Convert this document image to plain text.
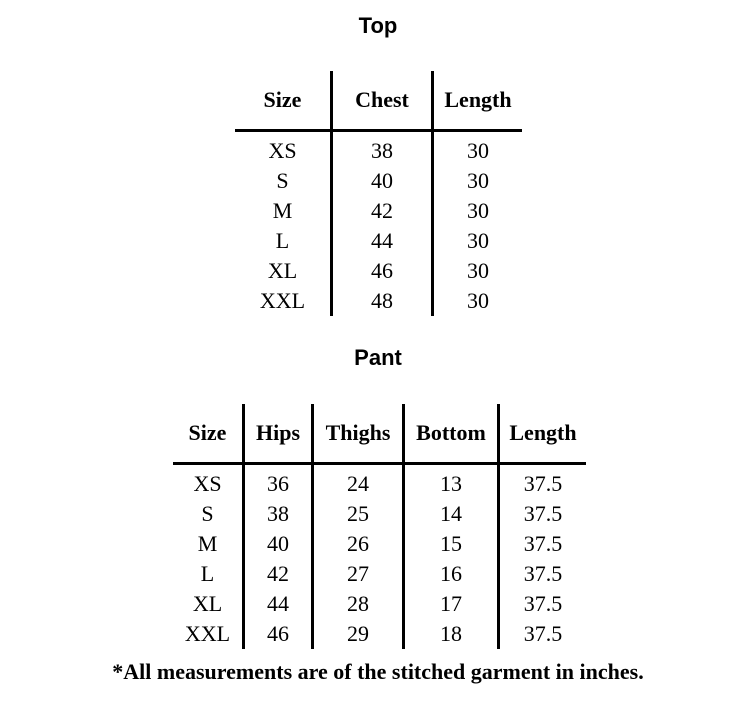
Top
Size	Chest	Length
XS	38	30
S	40	30
M	42	30
L	44	30
XL	46	30
XXL	48	30
Pant
Size	Hips	Thighs	Bottom	Length
XS	36	24	13	37.5
S	38	25	14	37.5
M	40	26	15	37.5
L	42	27	16	37.5
XL	44	28	17	37.5
XXL	46	29	18	37.5
*All measurements are of the stitched garment in inches.
